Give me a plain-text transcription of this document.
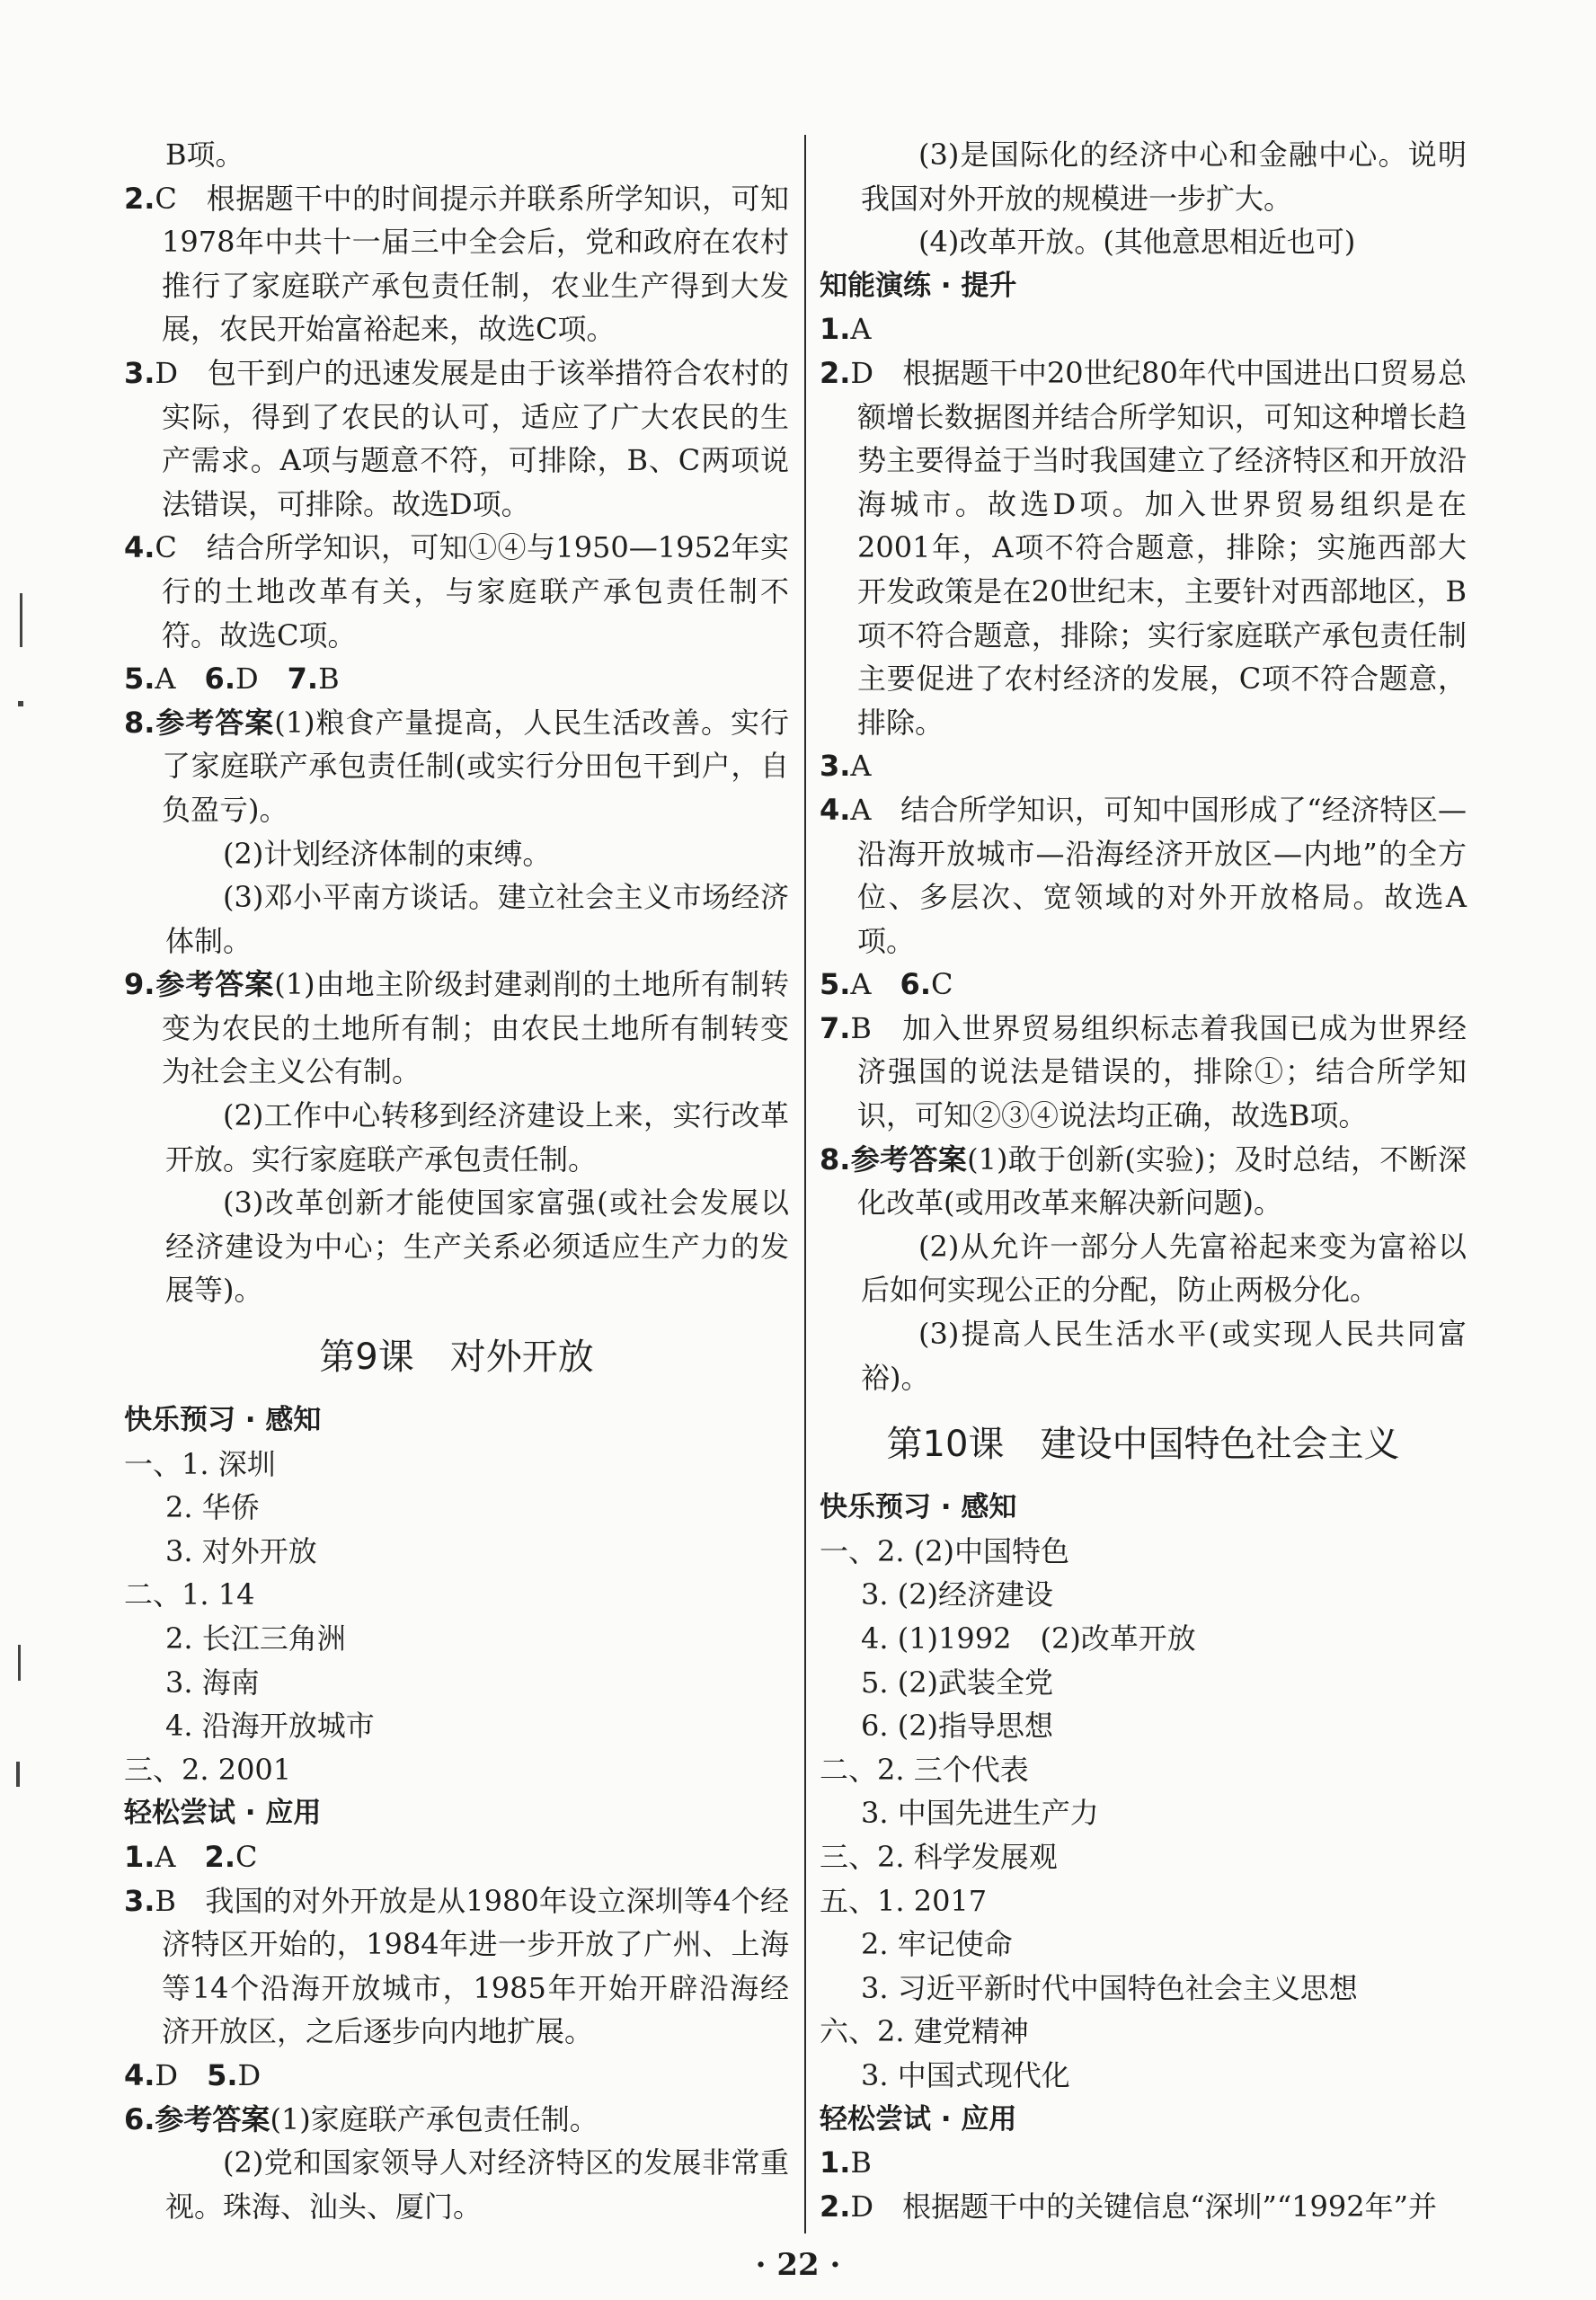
B项。

2.C　 根据题干中的时间提示并联系所学知识，可知1978年中共十一届三中全会后，党和政府在农村推行了家庭联产承包责任制，农业生产得到大发展，农民开始富裕起来，故选C项。

3.D　 包干到户的迅速发展是由于该举措符合农村的实际，得到了农民的认可，适应了广大农民的生产需求。A项与题意不符，可排除，B、C两项说法错误，可排除。故选D项。

4.C　 结合所学知识，可知①④与1950—1952年实行的土地改革有关，与家庭联产承包责任制不符。故选C项。

5.A　 6.D　 7.B

8.参考答案(1)粮食产量提高，人民生活改善。实行了家庭联产承包责任制(或实行分田包干到户，自负盈亏)。

(2)计划经济体制的束缚。

(3)邓小平南方谈话。建立社会主义市场经济体制。

9.参考答案(1)由地主阶级封建剥削的土地所有制转变为农民的土地所有制；由农民土地所有制转变为社会主义公有制。

(2)工作中心转移到经济建设上来，实行改革开放。实行家庭联产承包责任制。

(3)改革创新才能使国家富强(或社会发展以经济建设为中心；生产关系必须适应生产力的发展等)。

第9课　对外开放

快乐预习 · 感知

一、1. 深圳

2. 华侨

3. 对外开放

二、1. 14

2. 长江三角洲

3. 海南

4. 沿海开放城市

三、2. 2001

轻松尝试 · 应用

1.A　 2.C

3.B　 我国的对外开放是从1980年设立深圳等4个经济特区开始的，1984年进一步开放了广州、上海等14个沿海开放城市，1985年开始开辟沿海经济开放区，之后逐步向内地扩展。

4.D　 5.D

6.参考答案(1)家庭联产承包责任制。

(2)党和国家领导人对经济特区的发展非常重视。珠海、汕头、厦门。

(3)是国际化的经济中心和金融中心。说明我国对外开放的规模进一步扩大。

(4)改革开放。(其他意思相近也可)

知能演练 · 提升

1.A

2.D　 根据题干中20世纪80年代中国进出口贸易总额增长数据图并结合所学知识，可知这种增长趋势主要得益于当时我国建立了经济特区和开放沿海城市。故选D项。加入世界贸易组织是在2001年，A项不符合题意，排除；实施西部大开发政策是在20世纪末，主要针对西部地区，B项不符合题意，排除；实行家庭联产承包责任制主要促进了农村经济的发展，C项不符合题意，排除。

3.A

4.A　 结合所学知识，可知中国形成了“经济特区—沿海开放城市—沿海经济开放区—内地”的全方位、多层次、宽领域的对外开放格局。故选A项。

5.A　 6.C

7.B　 加入世界贸易组织标志着我国已成为世界经济强国的说法是错误的，排除①；结合所学知识，可知②③④说法均正确，故选B项。

8.参考答案(1)敢于创新(实验)；及时总结，不断深化改革(或用改革来解决新问题)。

(2)从允许一部分人先富裕起来变为富裕以后如何实现公正的分配，防止两极分化。

(3)提高人民生活水平(或实现人民共同富裕)。

第10课　建设中国特色社会主义

快乐预习 · 感知

一、2. (2)中国特色

3. (2)经济建设

4. (1)1992　(2)改革开放

5. (2)武装全党

6. (2)指导思想

二、2. 三个代表

3. 中国先进生产力

三、2. 科学发展观

五、1. 2017

2. 牢记使命

3. 习近平新时代中国特色社会主义思想

六、2. 建党精神

3. 中国式现代化

轻松尝试 · 应用

1.B

2.D　 根据题干中的关键信息“深圳”“1992年”并

· 22 ·
